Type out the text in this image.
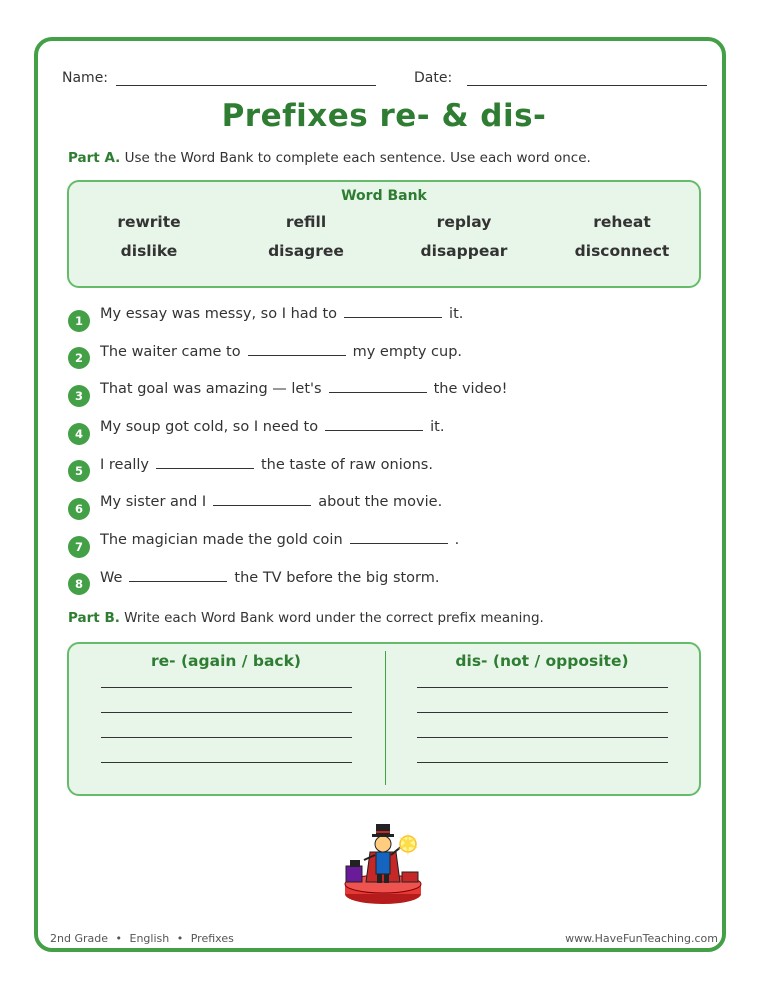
Name:	Date:
Prefixes re- & dis-
Part A. Use the Word Bank to complete each sentence. Use each word once.
Word Bank
rewrite	refill	replay	reheat
dislike	disagree	disappear	disconnect
1	My essay was messy, so I had to	it.
2	The waiter came to	my empty cup.
3	That goal was amazing — let's	the video!
4	My soup got cold, so I need to	it.
5	I really	the taste of raw onions.
6	My sister and I	about the movie.
7	The magician made the gold coin	.
8	We	the TV before the big storm.
Part B. Write each Word Bank word under the correct prefix meaning.
re- (again / back)	dis- (not / opposite)
2nd Grade • English • Prefixes	www.HaveFunTeaching.com
